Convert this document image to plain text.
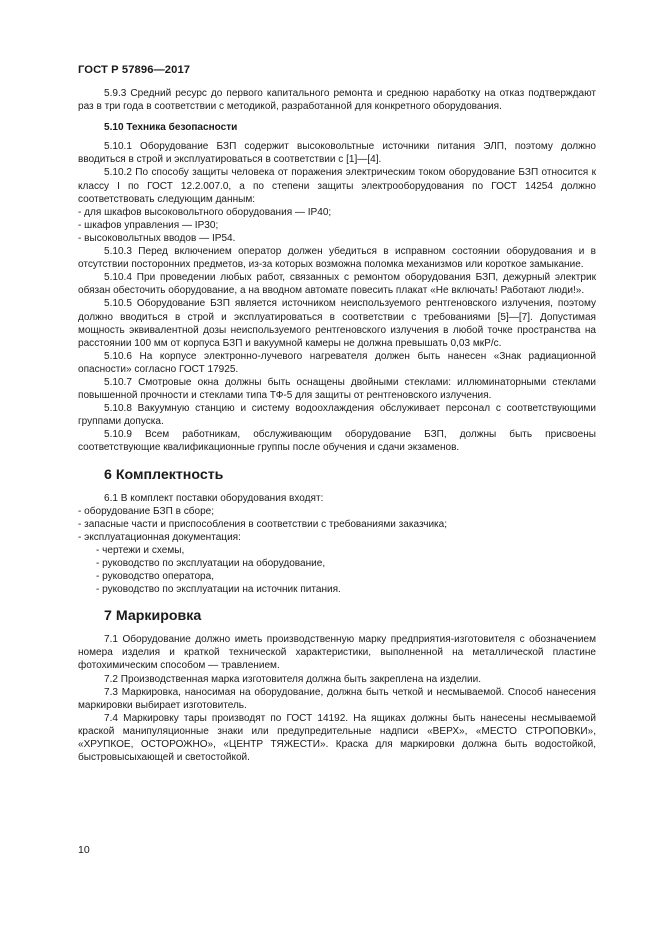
ГОСТ Р 57896—2017

5.9.3 Средний ресурс до первого капитального ремонта и среднюю наработку на отказ подтверждают раз в три года в соответствии с методикой, разработанной для конкретного оборудования.

5.10 Техника безопасности

5.10.1 Оборудование БЗП содержит высоковольтные источники питания ЭЛП, поэтому должно вводиться в строй и эксплуатироваться в соответствии с [1]—[4].

5.10.2 По способу защиты человека от поражения электрическим током оборудование БЗП относится к классу I по ГОСТ 12.2.007.0, а по степени защиты электрооборудования по ГОСТ 14254 должно соответствовать следующим данным:

- для шкафов высоковольтного оборудования — IP40;

- шкафов управления — IP30;

- высоковольтных вводов — IP54.

5.10.3 Перед включением оператор должен убедиться в исправном состоянии оборудования и в отсутствии посторонних предметов, из-за которых возможна поломка механизмов или короткое замыкание.

5.10.4 При проведении любых работ, связанных с ремонтом оборудования БЗП, дежурный электрик обязан обесточить оборудование, а на вводном автомате повесить плакат «Не включать! Работают люди!».

5.10.5 Оборудование БЗП является источником неиспользуемого рентгеновского излучения, поэтому должно вводиться в строй и эксплуатироваться в соответствии с требованиями [5]—[7]. Допустимая мощность эквивалентной дозы неиспользуемого рентгеновского излучения в любой точке пространства на расстоянии 100 мм от корпуса БЗП и вакуумной камеры не должна превышать 0,03 мкР/с.

5.10.6 На корпусе электронно-лучевого нагревателя должен быть нанесен «Знак радиационной опасности» согласно ГОСТ 17925.

5.10.7 Смотровые окна должны быть оснащены двойными стеклами: иллюминаторными стеклами повышенной прочности и стеклами типа ТФ-5 для защиты от рентгеновского излучения.

5.10.8 Вакуумную станцию и систему водоохлаждения обслуживает персонал с соответствующими группами допуска.

5.10.9 Всем работникам, обслуживающим оборудование БЗП, должны быть присвоены соответствующие квалификационные группы после обучения и сдачи экзаменов.

6 Комплектность

6.1 В комплект поставки оборудования входят:

- оборудование БЗП в сборе;

- запасные части и приспособления в соответствии с требованиями заказчика;

- эксплуатационная документация:

- чертежи и схемы,

- руководство по эксплуатации на оборудование,

- руководство оператора,

- руководство по эксплуатации на источник питания.

7 Маркировка

7.1 Оборудование должно иметь производственную марку предприятия-изготовителя с обозначением номера изделия и краткой технической характеристики, выполненной на металлической пластине фотохимическим способом — травлением.

7.2 Производственная марка изготовителя должна быть закреплена на изделии.

7.3 Маркировка, наносимая на оборудование, должна быть четкой и несмываемой. Способ нанесения маркировки выбирает изготовитель.

7.4 Маркировку тары производят по ГОСТ 14192. На ящиках должны быть нанесены несмываемой краской манипуляционные знаки или предупредительные надписи «ВЕРХ», «МЕСТО СТРОПОВКИ», «ХРУПКОЕ, ОСТОРОЖНО», «ЦЕНТР ТЯЖЕСТИ». Краска для маркировки должна быть водостойкой, быстровысыхающей и светостойкой.

10
